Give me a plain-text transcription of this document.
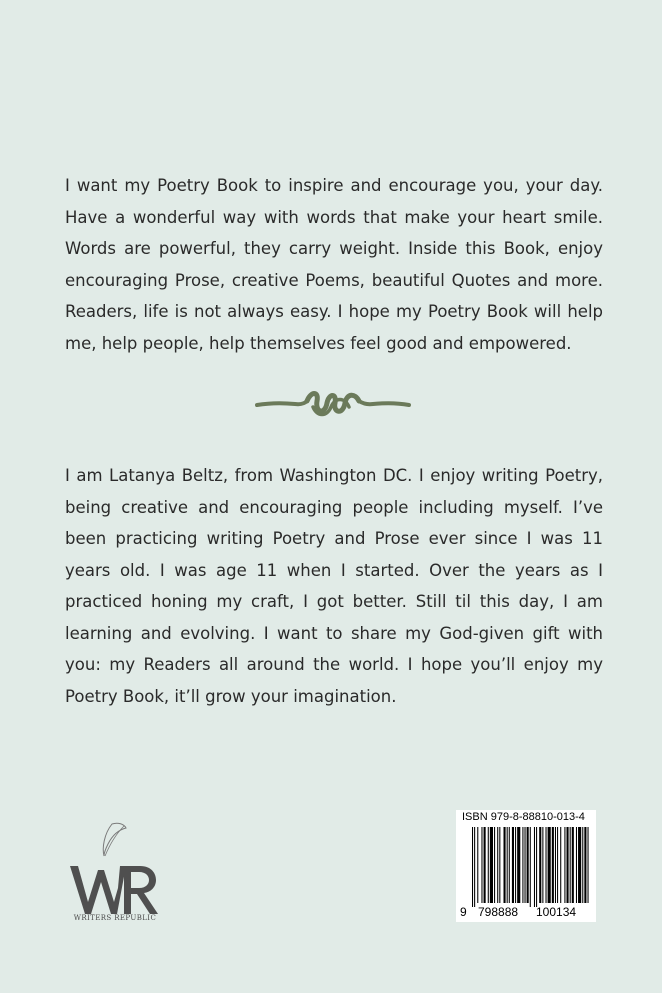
I want my Poetry Book to inspire and encourage you, your day. Have a wonderful way with words that make your heart smile. Words are powerful, they carry weight. Inside this Book, enjoy encouraging Prose, creative Poems, beautiful Quotes and more. Readers, life is not always easy. I hope my Poetry Book will help me, help people, help themselves feel good and empowered.

I am Latanya Beltz, from Washington DC. I enjoy writing Poetry, being creative and encouraging people including myself. I’ve been practicing writing Poetry and Prose ever since I was 11 years old. I was age 11 when I started. Over the years as I practiced honing my craft, I got better. Still til this day, I am learning and evolving. I want to share my God-given gift with you: my Readers all around the world. I hope you’ll enjoy my Poetry Book, it’ll grow your imagination.

WRITERS REPUBLIC
ISBN 979-8-88810-013-4
9 798888 100134
